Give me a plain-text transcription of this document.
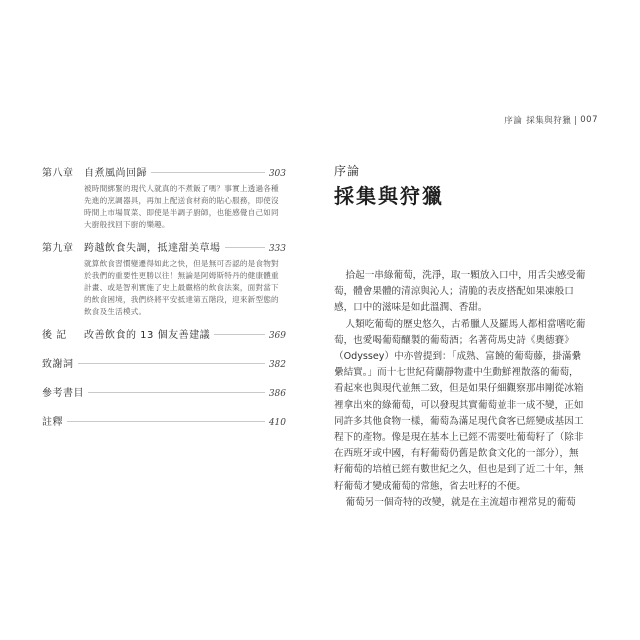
第八章	自煮風尚回歸	303
被時間綁緊的現代人就真的不煮飯了嗎？事實上透過各種先進的烹調器具，再加上配送食材商的貼心服務，即使沒時間上市場買菜、即使是半調子廚師，也能感覺自己如同大廚般找回下廚的樂趣。
第九章	跨越飲食失調，抵達甜美草場	333
就算飲食習慣變遷得如此之快，但是無可否認的是食物對於我們的重要性更勝以往！無論是阿姆斯特丹的健康體重計畫、或是智利實施了史上最嚴格的飲食法案，面對當下的飲食困境，我們終將平安抵達第五階段，迎來新型態的飲食及生活模式。
後 記	改善飲食的 13 個友善建議	369
致謝詞	382
參考書目	386
註釋	410
序論 採集與狩獵 007
序論
採集與狩獵

拾起一串綠葡萄，洗淨，取一顆放入口中，用舌尖感受葡萄，體會果體的清涼與沁人；清脆的表皮搭配如果凍般口感，口中的滋味是如此溫潤、香甜。

人類吃葡萄的歷史悠久，古希臘人及羅馬人都相當嗜吃葡萄，也愛喝葡萄釀製的葡萄酒；名著荷馬史詩《奧德賽》（Odyssey）中亦曾提到：「成熟、富饒的葡萄藤，掛滿纍纍結實。」而十七世紀荷蘭靜物畫中生動鮮裡散落的葡萄，看起來也與現代並無二致，但是如果仔細觀察那串剛從冰箱裡拿出來的綠葡萄，可以發現其實葡萄並非一成不變，正如同許多其他食物一樣，葡萄為滿足現代食客已經變成基因工程下的產物。像是現在基本上已經不需要吐葡萄籽了（除非在西班牙或中國，有籽葡萄仍舊是飲食文化的一部分），無籽葡萄的培植已經有數世紀之久，但也是到了近二十年，無籽葡萄才變成葡萄的常態，省去吐籽的不便。

葡萄另一個奇特的改變，就是在主流超市裡常見的葡萄
